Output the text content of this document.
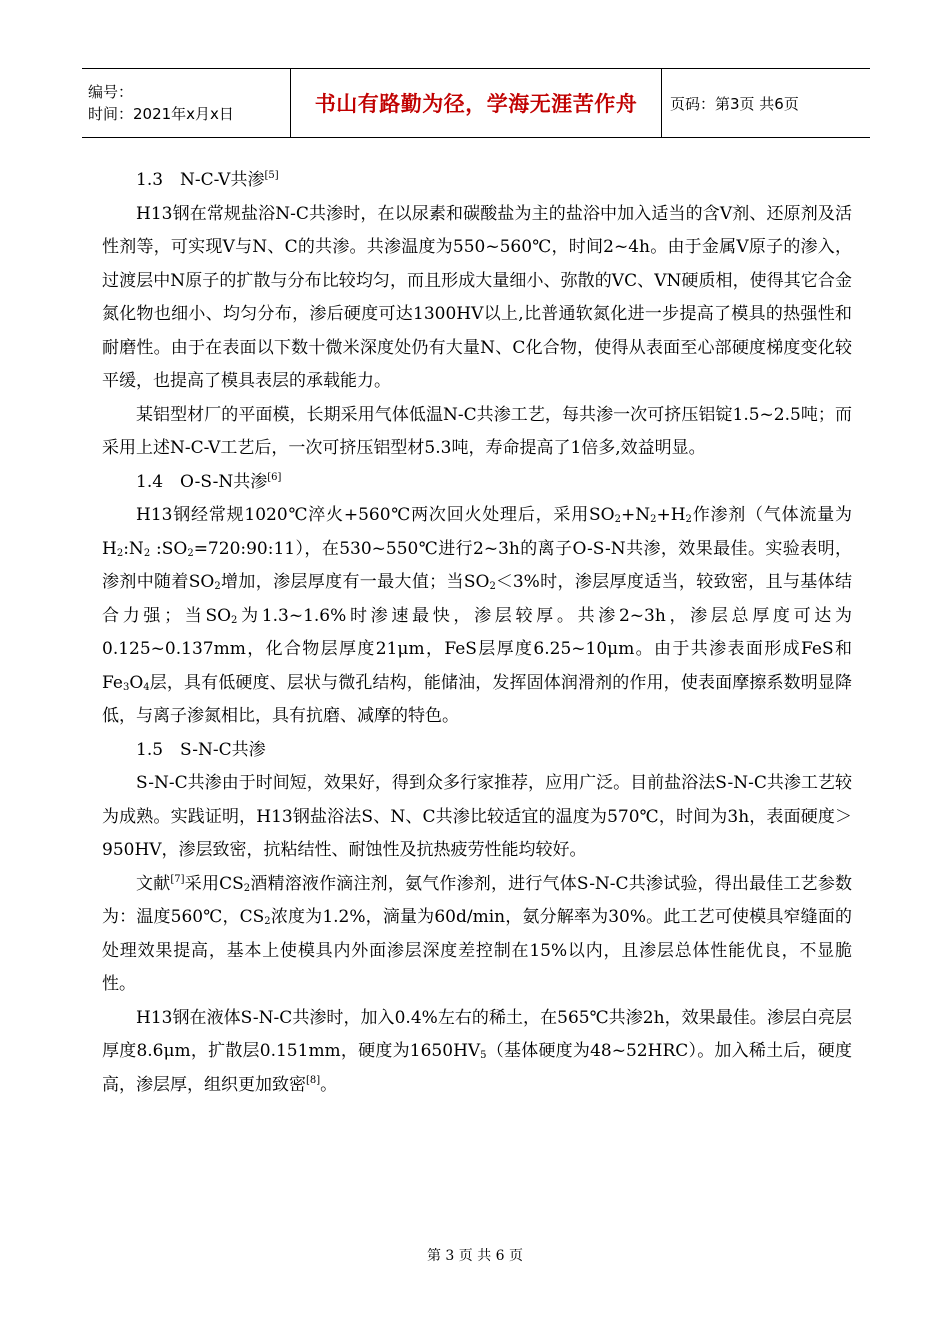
编号：
时间：2021年x月x日	书山有路勤为径，学海无涯苦作舟	页码：第3页 共6页
1.3　N-C-V共渗[5]

H13钢在常规盐浴N-C共渗时，在以尿素和碳酸盐为主的盐浴中加入适当的含V剂、还原剂及活性剂等，可实现V与N、C的共渗。共渗温度为550~560℃，时间2~4h。由于金属V原子的渗入，过渡层中N原子的扩散与分布比较均匀，而且形成大量细小、弥散的VC、VN硬质相，使得其它合金氮化物也细小、均匀分布，渗后硬度可达1300HV以上,比普通软氮化进一步提高了模具的热强性和耐磨性。由于在表面以下数十微米深度处仍有大量N、C化合物，使得从表面至心部硬度梯度变化较平缓，也提高了模具表层的承载能力。

某铝型材厂的平面模，长期采用气体低温N-C共渗工艺，每共渗一次可挤压铝锭1.5~2.5吨；而采用上述N-C-V工艺后，一次可挤压铝型材5.3吨，寿命提高了1倍多,效益明显。

1.4　O-S-N共渗[6]

H13钢经常规1020℃淬火+560℃两次回火处理后，采用$SO_2+N_2+H_2$作渗剂（气体流量为$H_2:N_2$ $:SO_2=720:90:11$），在530~550℃进行2~3h的离子O-S-N共渗，效果最佳。实验表明，渗剂中随着$SO_2$增加，渗层厚度有一最大值；当$SO_2<3\%$时，渗层厚度适当，较致密，且与基体结合力强；当$SO_2$为1.3~1.6%时渗速最快，渗层较厚。共渗2~3h，渗层总厚度可达为0.125~0.137mm，化合物层厚度21μm，FeS层厚度6.25~10μm。由于共渗表面形成FeS和$Fe_3O_4$层，具有低硬度、层状与微孔结构，能储油，发挥固体润滑剂的作用，使表面摩擦系数明显降低，与离子渗氮相比，具有抗磨、减摩的特色。

1.5　S-N-C共渗

S-N-C共渗由于时间短，效果好，得到众多行家推荐，应用广泛。目前盐浴法S-N-C共渗工艺较为成熟。实践证明，H13钢盐浴法S、N、C共渗比较适宜的温度为570℃，时间为3h，表面硬度＞950HV，渗层致密，抗粘结性、耐蚀性及抗热疲劳性能均较好。

文献[7]采用$CS_2$酒精溶液作滴注剂，氨气作渗剂，进行气体S-N-C共渗试验，得出最佳工艺参数为：温度560℃，$CS_2$浓度为1.2%，滴量为60d/min，氨分解率为30%。此工艺可使模具窄缝面的处理效果提高，基本上使模具内外面渗层深度差控制在15%以内，且渗层总体性能优良，不显脆性。

H13钢在液体S-N-C共渗时，加入0.4%左右的稀土，在565℃共渗2h，效果最佳。渗层白亮层厚度8.6μm，扩散层0.151mm，硬度为$1650HV_5$（基体硬度为48~52HRC）。加入稀土后，硬度高，渗层厚，组织更加致密[8]。

第 3 页 共 6 页
